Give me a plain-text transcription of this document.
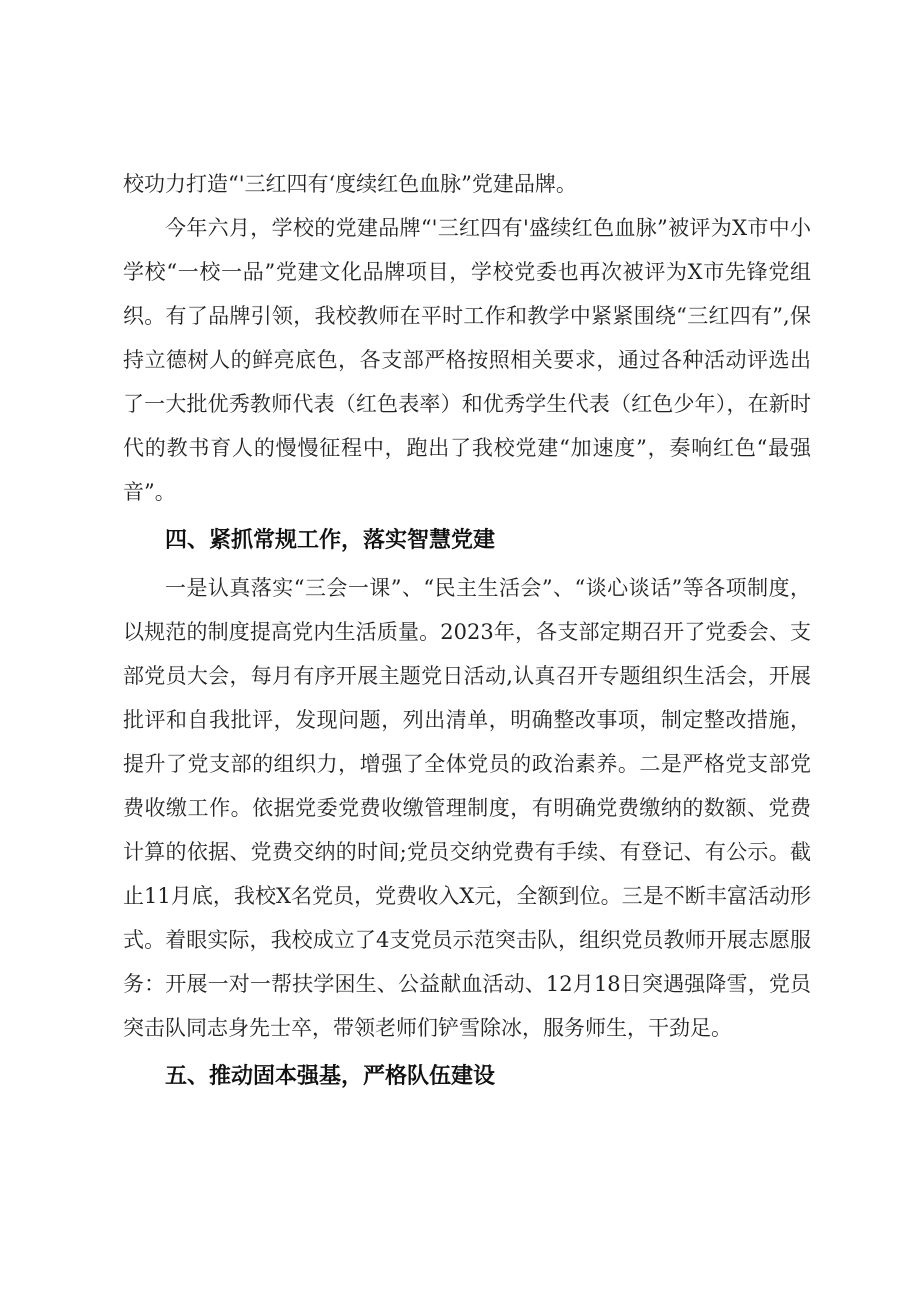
校功力打造“'三红四有‘度续红色血脉”党建品牌。

今年六月，学校的党建品牌“'三红四有'盛续红色血脉”被评为X市中小学校“一校一品”党建文化品牌项目，学校党委也再次被评为X市先锋党组织。有了品牌引领，我校教师在平时工作和教学中紧紧围绕“三红四有”,保持立德树人的鲜亮底色，各支部严格按照相关要求，通过各种活动评选出了一大批优秀教师代表（红色表率）和优秀学生代表（红色少年），在新时代的教书育人的慢慢征程中，跑出了我校党建“加速度”，奏响红色“最强音”。

四、紧抓常规工作，落实智慧党建

一是认真落实“三会一课”、“民主生活会”、“谈心谈话”等各项制度，以规范的制度提高党内生活质量。2023年，各支部定期召开了党委会、支部党员大会，每月有序开展主题党日活动,认真召开专题组织生活会，开展批评和自我批评，发现问题，列出清单，明确整改事项，制定整改措施，提升了党支部的组织力，增强了全体党员的政治素养。二是严格党支部党费收缴工作。依据党委党费收缴管理制度，有明确党费缴纳的数额、党费计算的依据、党费交纳的时间;党员交纳党费有手续、有登记、有公示。截止11月底，我校X名党员，党费收入X元，全额到位。三是不断丰富活动形式。着眼实际，我校成立了4支党员示范突击队，组织党员教师开展志愿服务：开展一对一帮扶学困生、公益献血活动、12月18日突遇强降雪，党员突击队同志身先士卒，带领老师们铲雪除冰，服务师生，干劲足。

五、推动固本强基，严格队伍建设
